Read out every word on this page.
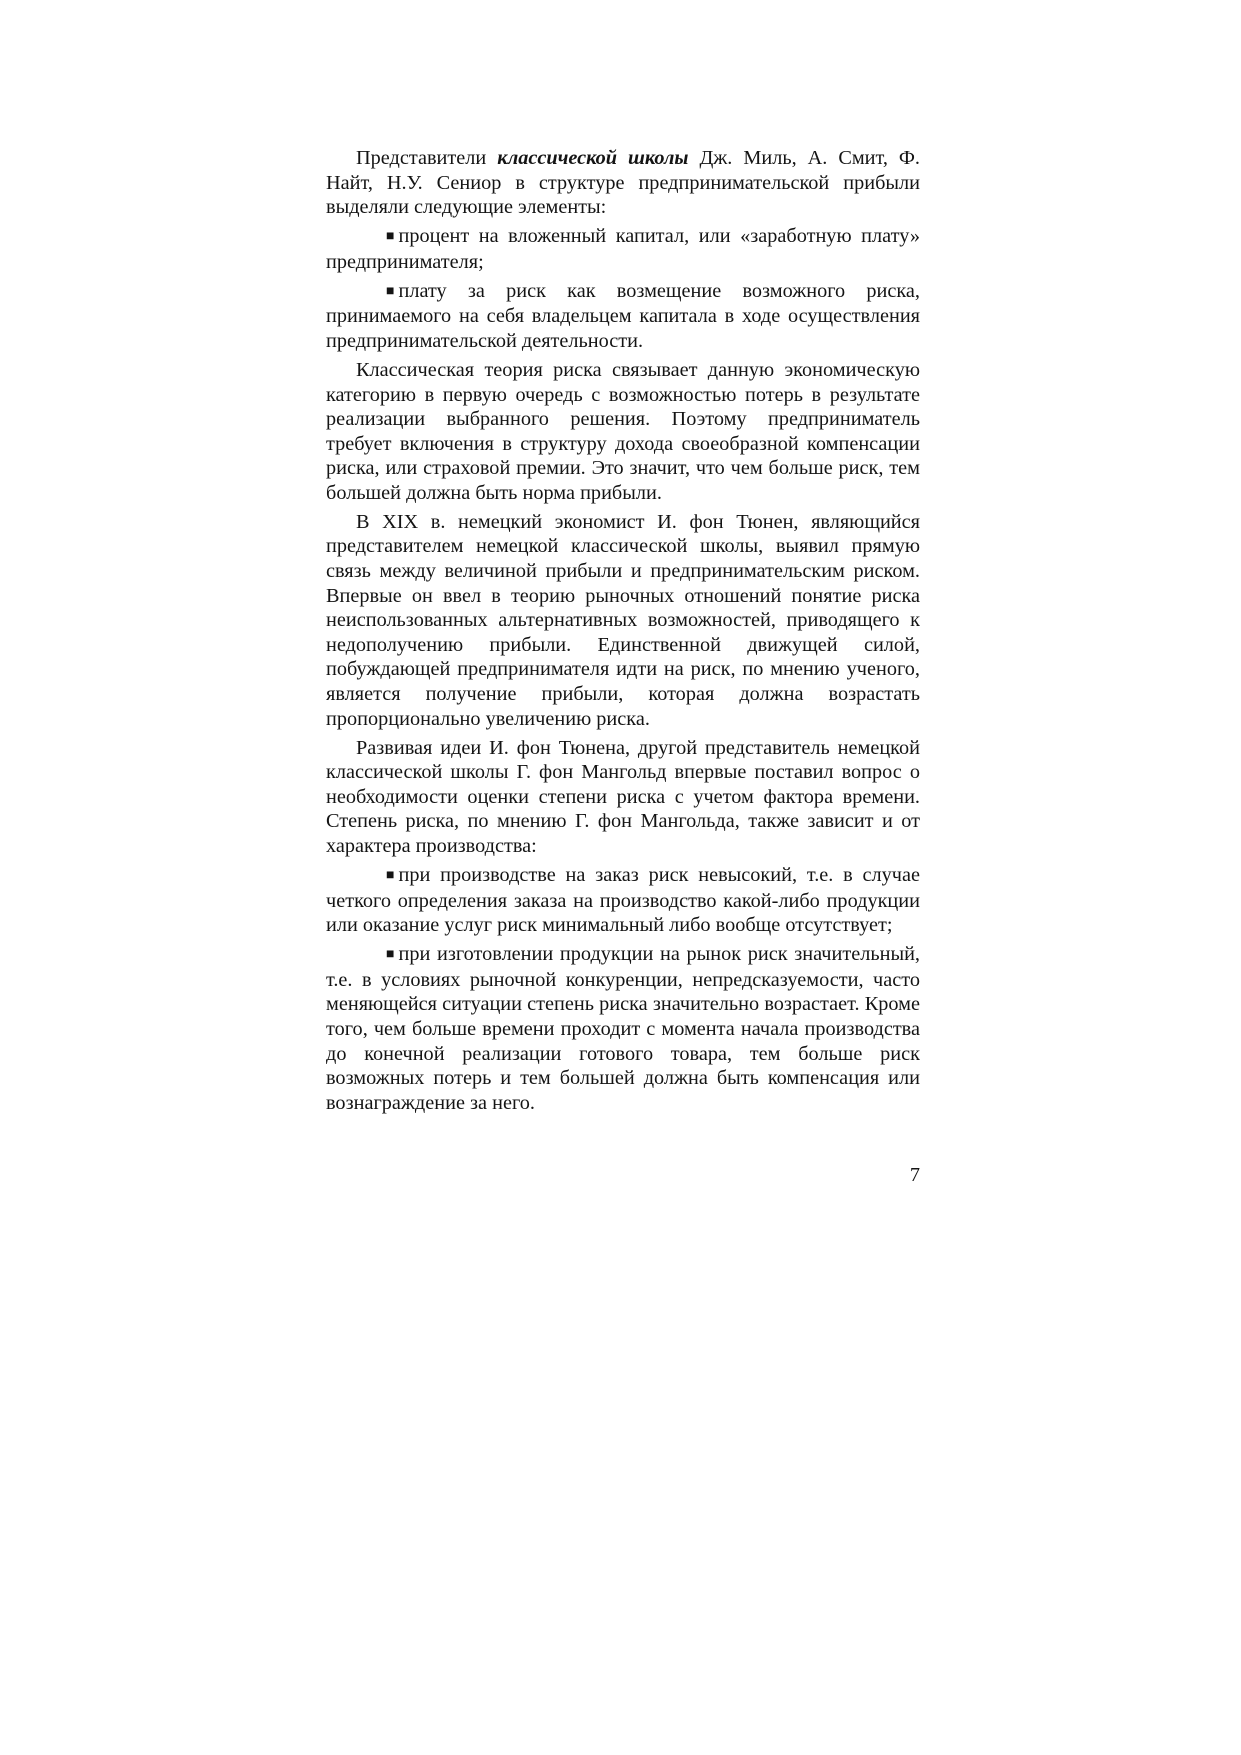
Представители классической школы Дж. Миль, А. Смит, Ф. Найт, Н.У. Сениор в структуре предпринимательской прибыли выделяли следующие элементы:

■ процент на вложенный капитал, или «заработную плату» предпринимателя;

■ плату за риск как возмещение возможного риска, принимаемого на себя владельцем капитала в ходе осуществления предпринимательской деятельности.

Классическая теория риска связывает данную экономическую категорию в первую очередь с возможностью потерь в результате реализации выбранного решения. Поэтому предприниматель требует включения в структуру дохода своеобразной компенсации риска, или страховой премии. Это значит, что чем больше риск, тем большей должна быть норма прибыли.

В XIX в. немецкий экономист И. фон Тюнен, являющийся представителем немецкой классической школы, выявил прямую связь между величиной прибыли и предпринимательским риском. Впервые он ввел в теорию рыночных отношений понятие риска неиспользованных альтернативных возможностей, приводящего к недополучению прибыли. Единственной движущей силой, побуждающей предпринимателя идти на риск, по мнению ученого, является получение прибыли, которая должна возрастать пропорционально увеличению риска.

Развивая идеи И. фон Тюнена, другой представитель немецкой классической школы Г. фон Мангольд впервые поставил вопрос о необходимости оценки степени риска с учетом фактора времени. Степень риска, по мнению Г. фон Мангольда, также зависит и от характера производства:

■ при производстве на заказ риск невысокий, т.е. в случае четкого определения заказа на производство какой-либо продукции или оказание услуг риск минимальный либо вообще отсутствует;

■ при изготовлении продукции на рынок риск значительный, т.е. в условиях рыночной конкуренции, непредсказуемости, часто меняющейся ситуации степень риска значительно возрастает. Кроме того, чем больше времени проходит с момента начала производства до конечной реализации готового товара, тем больше риск возможных потерь и тем большей должна быть компенсация или вознаграждение за него.

7
